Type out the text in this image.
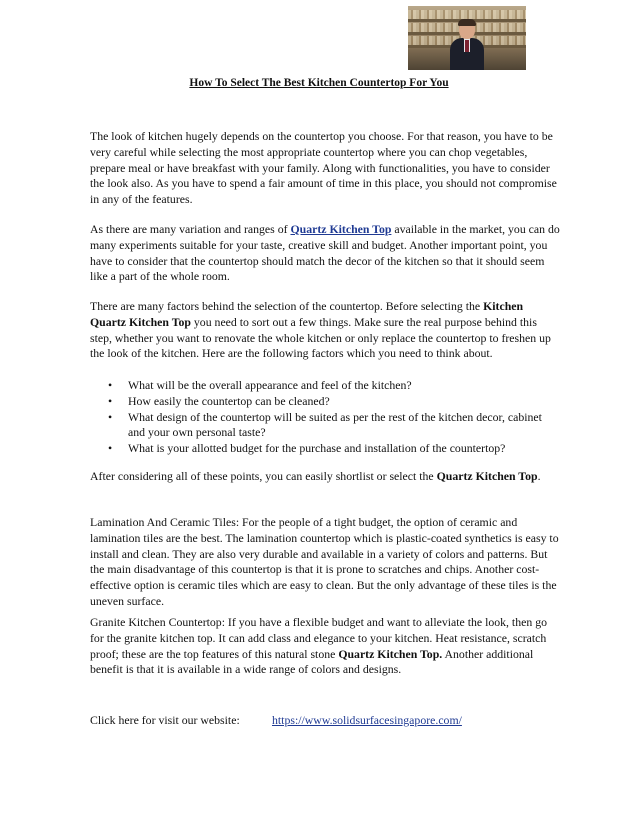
How To Select The Best Kitchen Countertop For You

The look of kitchen hugely depends on the countertop you choose. For that reason, you have to be very careful while selecting the most appropriate countertop where you can chop vegetables, prepare meal or have breakfast with your family. Along with functionalities, you have to consider the look also. As you have to spend a fair amount of time in this place, you should not compromise in any of the features.

As there are many variation and ranges of Quartz Kitchen Top available in the market, you can do many experiments suitable for your taste, creative skill and budget. Another important point, you have to consider that the countertop should match the decor of the kitchen so that it should seem like a part of the whole room.

There are many factors behind the selection of the countertop. Before selecting the Kitchen Quartz Kitchen Top you need to sort out a few things. Make sure the real purpose behind this step, whether you want to renovate the whole kitchen or only replace the countertop to freshen up the look of the kitchen. Here are the following factors which you need to think about.

• What will be the overall appearance and feel of the kitchen?
• How easily the countertop can be cleaned?
• What design of the countertop will be suited as per the rest of the kitchen decor, cabinet and your own personal taste?
• What is your allotted budget for the purchase and installation of the countertop?

After considering all of these points, you can easily shortlist or select the Quartz Kitchen Top.

Lamination And Ceramic Tiles: For the people of a tight budget, the option of ceramic and lamination tiles are the best. The lamination countertop which is plastic-coated synthetics is easy to install and clean. They are also very durable and available in a variety of colors and patterns. But the main disadvantage of this countertop is that it is prone to scratches and chips. Another cost-effective option is ceramic tiles which are easy to clean. But the only advantage of these tiles is the uneven surface.

Granite Kitchen Countertop: If you have a flexible budget and want to alleviate the look, then go for the granite kitchen top. It can add class and elegance to your kitchen. Heat resistance, scratch proof; these are the top features of this natural stone Quartz Kitchen Top. Another additional benefit is that it is available in a wide range of colors and designs.

Click here for visit our website:	https://www.solidsurfacesingapore.com/
